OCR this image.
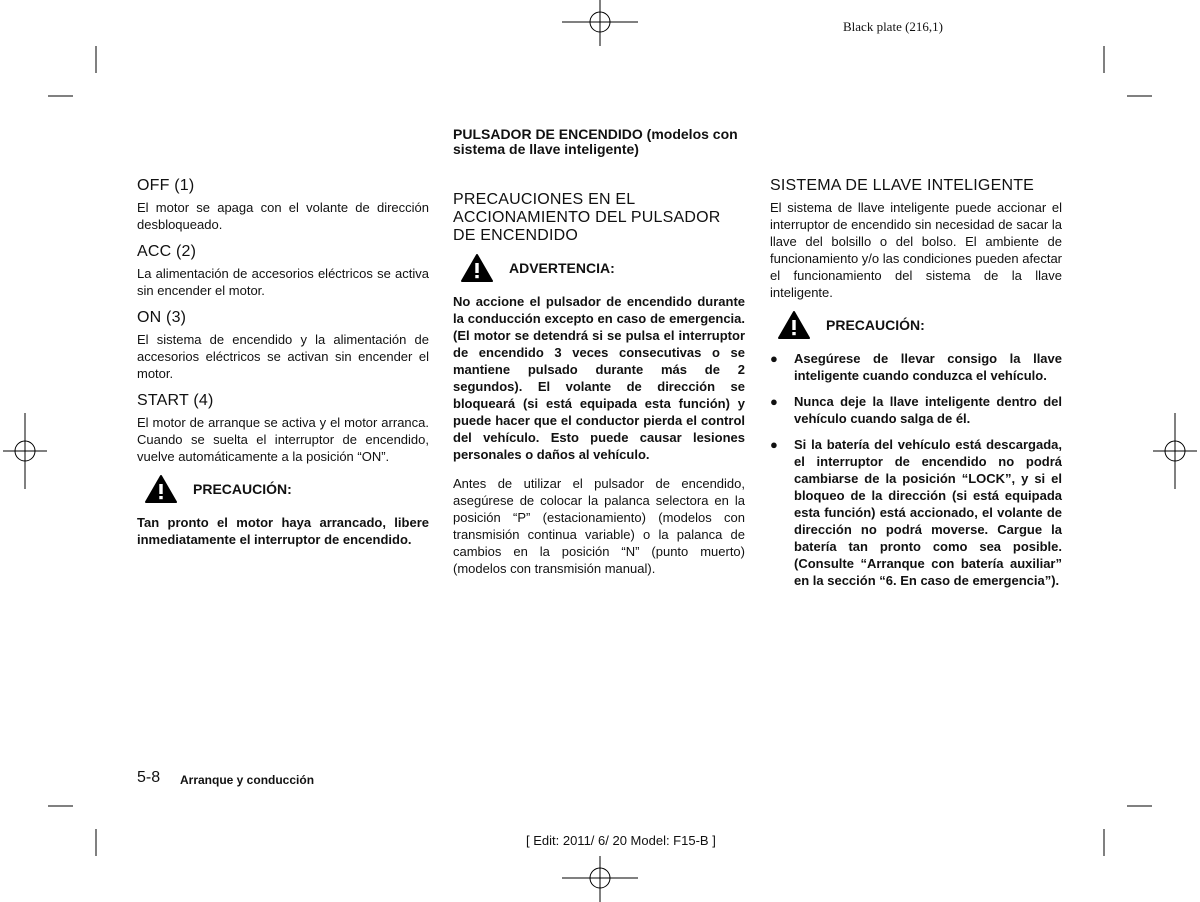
Black plate (216,1)
OFF (1)

El motor se apaga con el volante de dirección desbloqueado.

ACC (2)

La alimentación de accesorios eléctricos se activa sin encender el motor.

ON (3)

El sistema de encendido y la alimentación de accesorios eléctricos se activan sin encender el motor.

START (4)

El motor de arranque se activa y el motor arranca. Cuando se suelta el interruptor de encendido, vuelve automáticamente a la posición “ON”.

PRECAUCIÓN:

Tan pronto el motor haya arrancado, libere inmediatamente el interruptor de encendido.

PULSADOR DE ENCENDIDO (modelos con sistema de llave inteligente)
PRECAUCIONES EN EL ACCIONAMIENTO DEL PULSADOR DE ENCENDIDO
ADVERTENCIA:

No accione el pulsador de encendido durante la conducción excepto en caso de emergencia. (El motor se detendrá si se pulsa el interruptor de encendido 3 veces consecutivas o se mantiene pulsado durante más de 2 segundos). El volante de dirección se bloqueará (si está equipada esta función) y puede hacer que el conductor pierda el control del vehículo. Esto puede causar lesiones personales o daños al vehículo.

Antes de utilizar el pulsador de encendido, asegúrese de colocar la palanca selectora en la posición “P” (estacionamiento) (modelos con transmisión continua variable) o la palanca de cambios en la posición “N” (punto muerto) (modelos con transmisión manual).

SISTEMA DE LLAVE INTELIGENTE

El sistema de llave inteligente puede accionar el interruptor de encendido sin necesidad de sacar la llave del bolsillo o del bolso. El ambiente de funcionamiento y/o las condiciones pueden afectar el funcionamiento del sistema de la llave inteligente.

PRECAUCIÓN:
● Asegúrese de llevar consigo la llave inteligente cuando conduzca el vehículo.
● Nunca deje la llave inteligente dentro del vehículo cuando salga de él.
● Si la batería del vehículo está descargada, el interruptor de encendido no podrá cambiarse de la posición “LOCK”, y si el bloqueo de la dirección (si está equipada esta función) está accionado, el volante de dirección no podrá moverse. Cargue la batería tan pronto como sea posible. (Consulte “Arranque con batería auxiliar” en la sección “6. En caso de emergencia”).
5-8 Arranque y conducción
[ Edit: 2011/ 6/ 20 Model: F15-B ]
